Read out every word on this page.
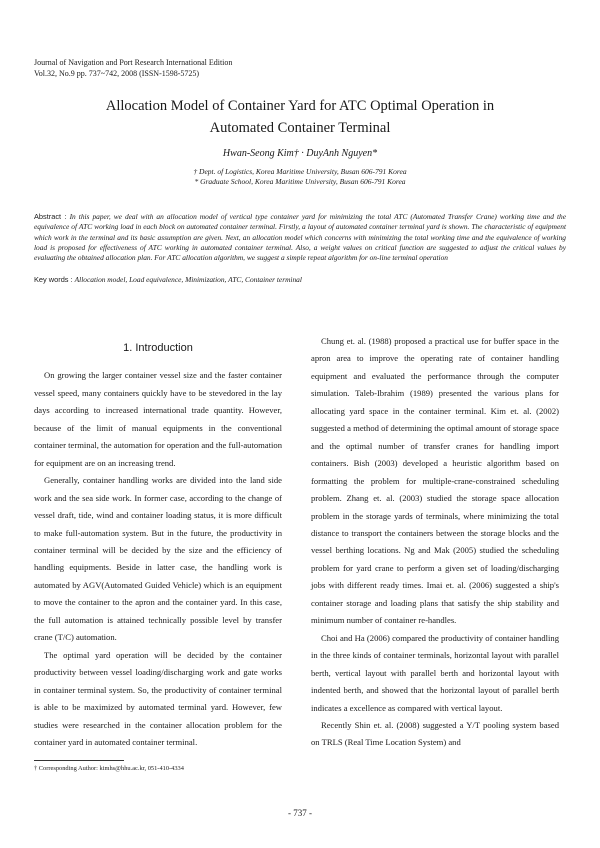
Journal of Navigation and Port Research International Edition
Vol.32, No.9 pp. 737~742, 2008 (ISSN-1598-5725)
Allocation Model of Container Yard for ATC Optimal Operation in
Automated Container Terminal
Hwan-Seong Kim† · DuyAnh Nguyen*
† Dept. of Logistics, Korea Maritime University, Busan 606-791 Korea
* Graduate School, Korea Maritime University, Busan 606-791 Korea
Abstract : In this paper, we deal with an allocation model of vertical type container yard for minimizing the total ATC (Automated Transfer Crane) working time and the equivalence of ATC working load in each block on automated container terminal. Firstly, a layout of automated container terminal yard is shown. The characteristic of equipment which work in the terminal and its basic assumption are given. Next, an allocation model which concerns with minimizing the total working time and the equivalence of working load is proposed for effectiveness of ATC working in automated container terminal. Also, a weight values on critical function are suggested to adjust the critical values by evaluating the obtained allocation plan. For ATC allocation algorithm, we suggest a simple repeat algorithm for on-line terminal operation
Key words : Allocation model, Load equivalence, Minimization, ATC, Container terminal

1. Introduction

On growing the larger container vessel size and the faster container vessel speed, many containers quickly have to be stevedored in the lay days according to increased international trade quantity. However, because of the limit of manual equipments in the conventional container terminal, the automation for operation and the full-automation for equipment are on an increasing trend.

Generally, container handling works are divided into the land side work and the sea side work. In former case, according to the change of vessel draft, tide, wind and container loading status, it is more difficult to make full-automation system. But in the future, the productivity in container terminal will be decided by the size and the efficiency of handling equipments. Beside in latter case, the handling work is automated by AGV(Automated Guided Vehicle) which is an equipment to move the container to the apron and the container yard. In this case, the full automation is attained technically possible level by transfer crane (T/C) automation.

The optimal yard operation will be decided by the container productivity between vessel loading/discharging work and gate works in container terminal system. So, the productivity of container terminal is able to be maximized by automated terminal yard. However, few studies were researched in the container allocation problem for the container yard in automated container terminal.

Chung et. al. (1988) proposed a practical use for buffer space in the apron area to improve the operating rate of container handling equipment and evaluated the performance through the computer simulation. Taleb-Ibrahim (1989) presented the various plans for allocating yard space in the container terminal. Kim et. al. (2002) suggested a method of determining the optimal amount of storage space and the optimal number of transfer cranes for handling import containers. Bish (2003) developed a heuristic algorithm based on formatting the problem for multiple-crane-constrained scheduling problem. Zhang et. al. (2003) studied the storage space allocation problem in the storage yards of terminals, where minimizing the total distance to transport the containers between the storage blocks and the vessel berthing locations. Ng and Mak (2005) studied the scheduling problem for yard crane to perform a given set of loading/discharging jobs with different ready times. Imai et. al. (2006) suggested a ship's container storage and loading plans that satisfy the ship stability and minimum number of container re-handles.

Choi and Ha (2006) compared the productivity of container handling in the three kinds of container terminals, horizontal layout with parallel berth, vertical layout with parallel berth and horizontal layout with indented berth, and showed that the horizontal layout of parallel berth indicates a excellence as compared with vertical layout.

Recently Shin et. al. (2008) suggested a Y/T pooling system based on TRLS (Real Time Location System) and

† Corresponding Author: kimhs@hhu.ac.kr, 051-410-4334
- 737 -
